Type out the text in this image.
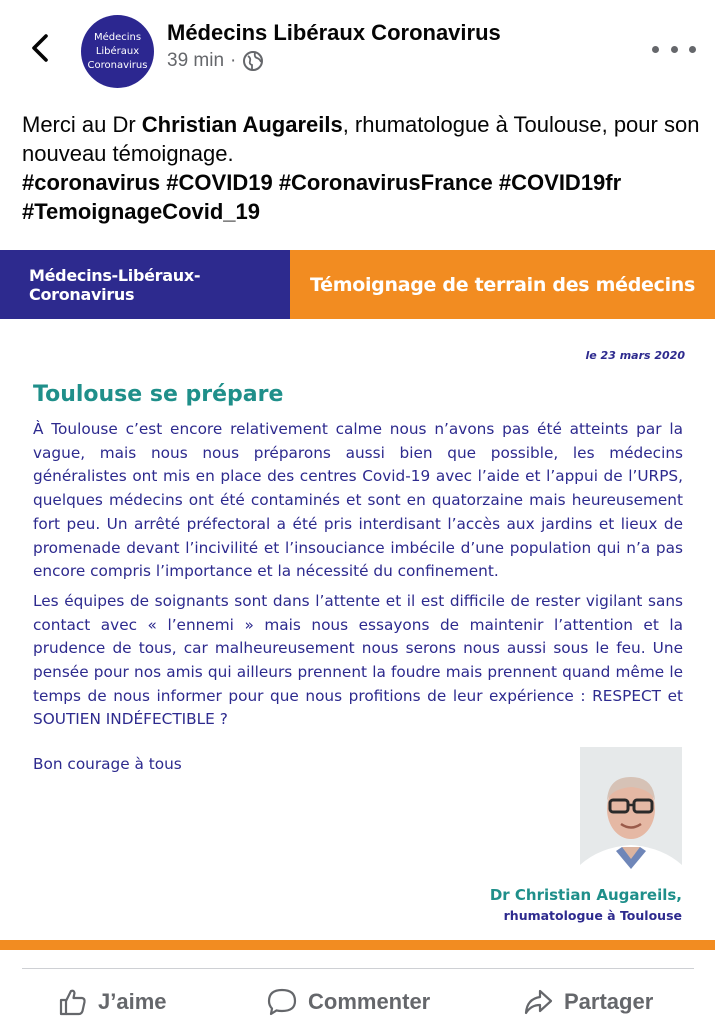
Médecins
Libéraux
Coronavirus
Médecins Libéraux Coronavirus
39 min ·
Merci au Dr Christian Augareils, rhumatologue à Toulouse, pour son nouveau témoignage.
#coronavirus #COVID19 #CoronavirusFrance #COVID19fr
#TemoignageCovid_19
Médecins-Libéraux-Coronavirus	Témoignage de terrain des médecins
le 23 mars 2020
Toulouse se prépare

À Toulouse c’est encore relativement calme nous n’avons pas été atteints par la vague, mais nous nous préparons aussi bien que possible, les médecins généralistes ont mis en place des centres Covid-19 avec l’aide et l’appui de l’URPS, quelques médecins ont été contaminés et sont en quatorzaine mais heureusement fort peu. Un arrêté préfectoral a été pris interdisant l’accès aux jardins et lieux de promenade devant l’incivilité et l’insouciance imbécile d’une population qui n’a pas encore compris l’importance et la nécessité du confinement.

Les équipes de soignants sont dans l’attente et il est difficile de rester vigilant sans contact avec « l’ennemi » mais nous essayons de maintenir l’attention et la prudence de tous, car malheureusement nous serons nous aussi sous le feu. Une pensée pour nos amis qui ailleurs prennent la foudre mais prennent quand même le temps de nous informer pour que nous profitions de leur expérience : RESPECT et SOUTIEN INDÉFECTIBLE ?

Bon courage à tous
Dr Christian Augareils,
rhumatologue à Toulouse
J’aime	Commenter	Partager
